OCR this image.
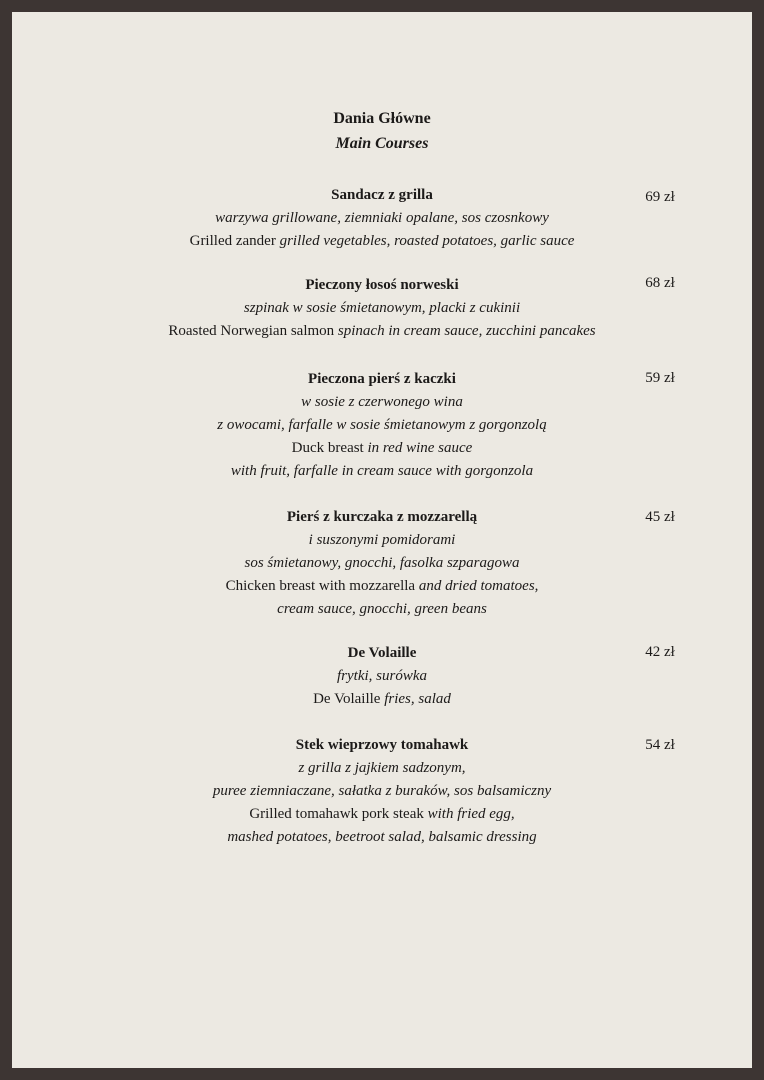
Dania Główne
Main Courses
Sandacz z grilla
warzywa grillowane, ziemniaki opalane, sos czosnkowy
Grilled zander grilled vegetables, roasted potatoes, garlic sauce
69 zł
Pieczony łosoś norweski
szpinak w sosie śmietanowym, placki z cukinii
Roasted Norwegian salmon spinach in cream sauce, zucchini pancakes
68 zł
Pieczona pierś z kaczki
w sosie z czerwonego wina
z owocami, farfalle w sosie śmietanowym z gorgonzolą
Duck breast in red wine sauce
with fruit, farfalle in cream sauce with gorgonzola
59 zł
Pierś z kurczaka z mozzarellą
i suszonymi pomidorami
sos śmietanowy, gnocchi, fasolka szparagowa
Chicken breast with mozzarella and dried tomatoes,
cream sauce, gnocchi, green beans
45 zł
De Volaille
frytki, surówka
De Volaille fries, salad
42 zł
Stek wieprzowy tomahawk
z grilla z jajkiem sadzonym,
puree ziemniaczane, sałatka z buraków, sos balsamiczny
Grilled tomahawk pork steak with fried egg,
mashed potatoes, beetroot salad, balsamic dressing
54 zł
